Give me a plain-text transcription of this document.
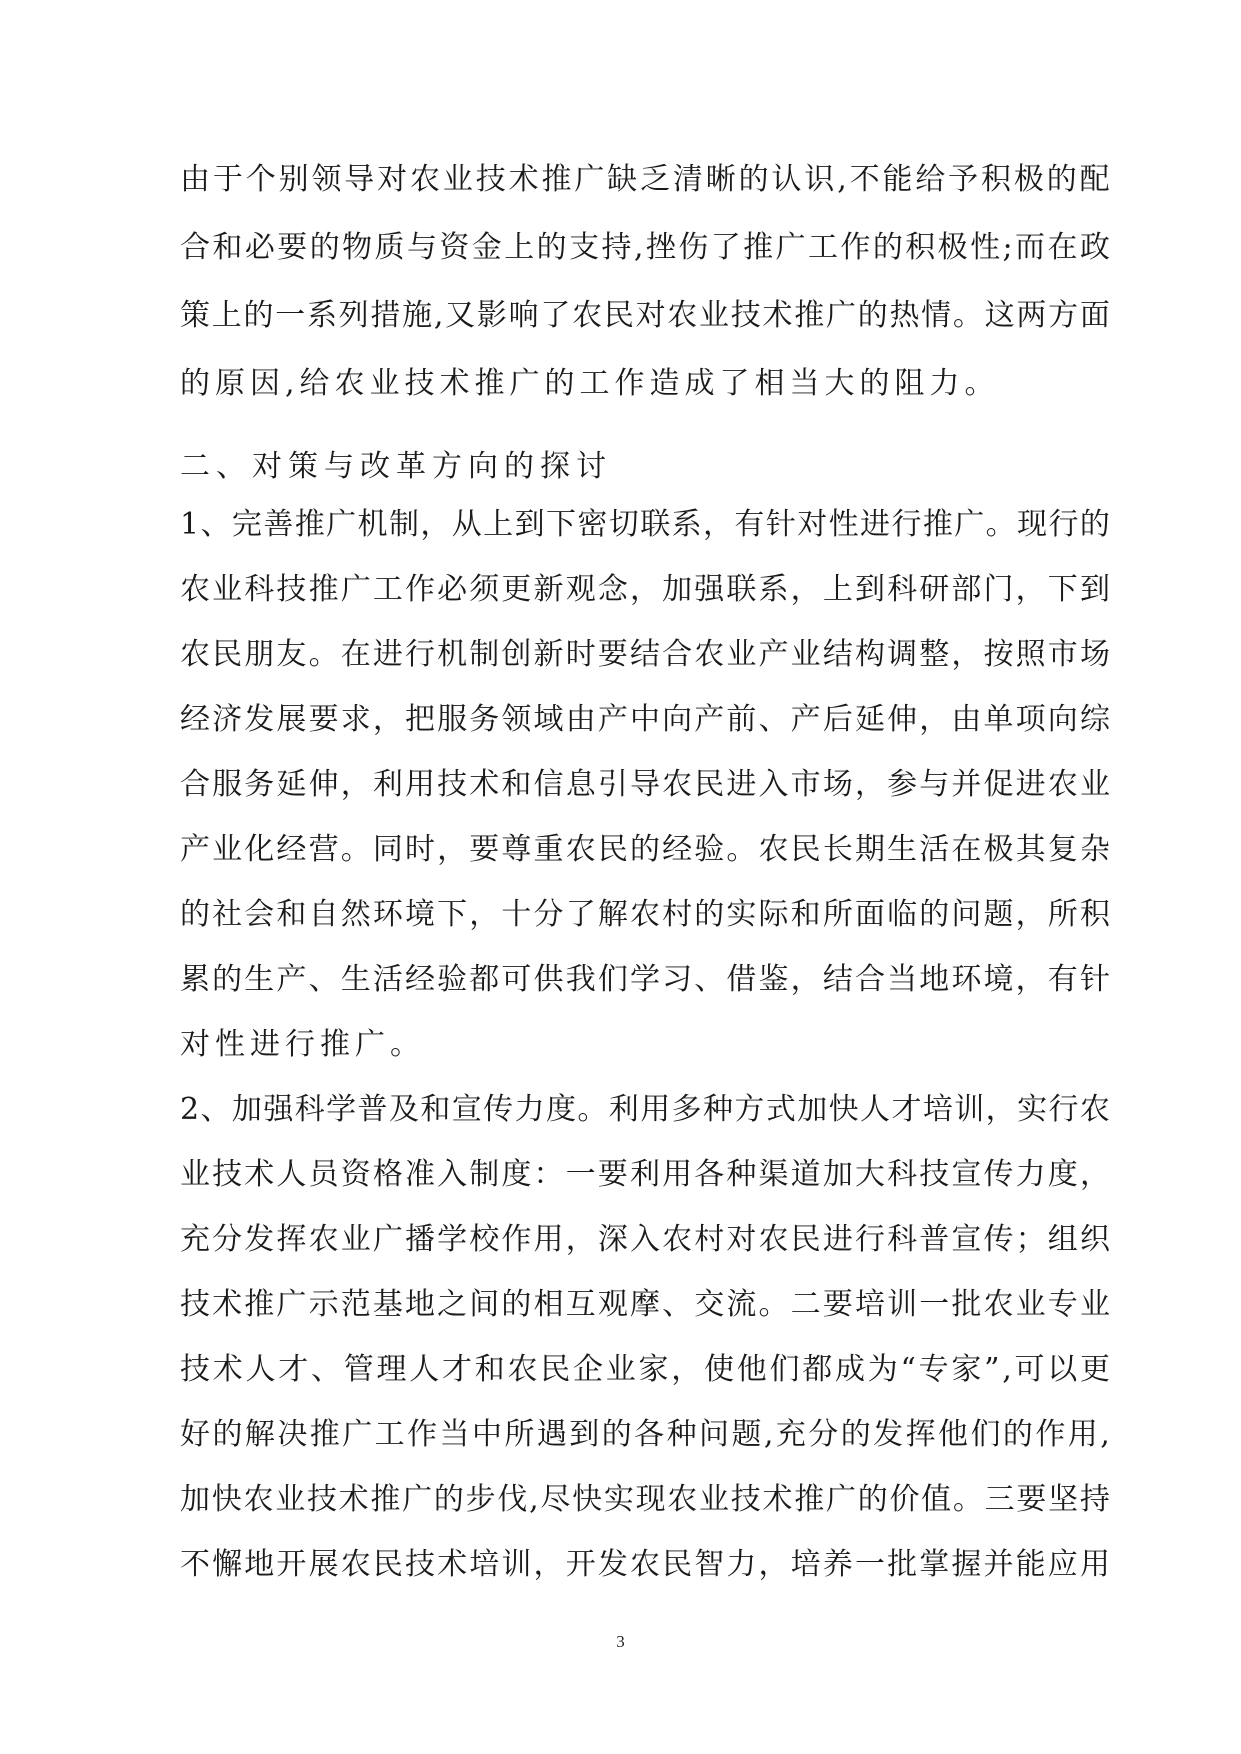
由 于 个 别 领 导 对 农 业 技 术 推 广 缺 乏 清 晰 的 认 识 , 不 能 给 予 积 极 的 配
合 和 必 要 的 物 质 与 资 金 上 的 支 持 , 挫 伤 了 推 广 工 作 的 积 极 性 ; 而 在 政
策 上 的 一 系 列 措 施 , 又 影 响 了 农 民 对 农 业 技 术 推 广 的 热 情 。 这 两 方 面
的原因,给农业技术推广的工作造成了相当大的阻力。
二、对策与改革方向的探讨
1 、 完 善 推 广 机 制 ， 从 上 到 下 密 切 联 系 ， 有 针 对 性 进 行 推 广 。 现 行 的
农 业 科 技 推 广 工 作 必 须 更 新 观 念 ， 加 强 联 系 ， 上 到 科 研 部 门 ， 下 到
农 民 朋 友 。 在 进 行 机 制 创 新 时 要 结 合 农 业 产 业 结 构 调 整 ， 按 照 市 场
经 济 发 展 要 求 ， 把 服 务 领 域 由 产 中 向 产 前 、 产 后 延 伸 ， 由 单 项 向 综
合 服 务 延 伸 ， 利 用 技 术 和 信 息 引 导 农 民 进 入 市 场 ， 参 与 并 促 进 农 业
产 业 化 经 营 。 同 时 ， 要 尊 重 农 民 的 经 验 。 农 民 长 期 生 活 在 极 其 复 杂
的 社 会 和 自 然 环 境 下 ， 十 分 了 解 农 村 的 实 际 和 所 面 临 的 问 题 ， 所 积
累 的 生 产 、 生 活 经 验 都 可 供 我 们 学 习 、 借 鉴 ， 结 合 当 地 环 境 ， 有 针
对性进行推广。
2 、 加 强 科 学 普 及 和 宣 传 力 度 。 利 用 多 种 方 式 加 快 人 才 培 训 ， 实 行 农
业 技 术 人 员 资 格 准 入 制 度 ： 一 要 利 用 各 种 渠 道 加 大 科 技 宣 传 力 度 ，
充 分 发 挥 农 业 广 播 学 校 作 用 ， 深 入 农 村 对 农 民 进 行 科 普 宣 传 ； 组 织
技 术 推 广 示 范 基 地 之 间 的 相 互 观 摩 、 交 流 。 二 要 培 训 一 批 农 业 专 业
技 术 人 才 、 管 理 人 才 和 农 民 企 业 家 ， 使 他 们 都 成 为 “ 专 家 ” , 可 以 更
好 的 解 决 推 广 工 作 当 中 所 遇 到 的 各 种 问 题 , 充 分 的 发 挥 他 们 的 作 用 ,
加 快 农 业 技 术 推 广 的 步 伐 , 尽 快 实 现 农 业 技 术 推 广 的 价 值 。 三 要 坚 持
不 懈 地 开 展 农 民 技 术 培 训 ， 开 发 农 民 智 力 ， 培 养 一 批 掌 握 并 能 应 用
3
